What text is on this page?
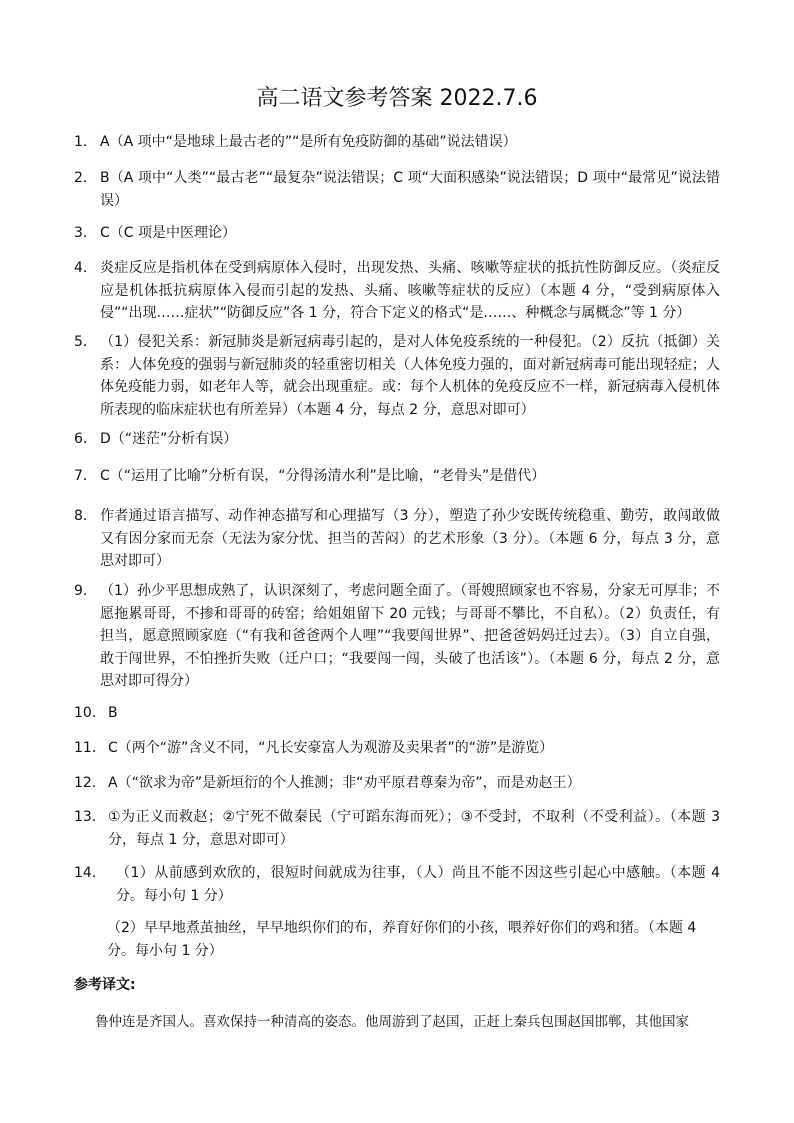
高二语文参考答案 2022.7.6
1． A（A 项中“是地球上最古老的”“是所有免疫防御的基础”说法错误）
2． B（A 项中“人类”“最古老”“最复杂”说法错误；C 项“大面积感染”说法错误；D 项中“最常见”说法错误）
3． C（C 项是中医理论）
4． 炎症反应是指机体在受到病原体入侵时，出现发热、头痛、咳嗽等症状的抵抗性防御反应。（炎症反应是机体抵抗病原体入侵而引起的发热、头痛、咳嗽等症状的反应）（本题 4 分，“受到病原体入侵”“出现……症状”“防御反应”各 1 分，符合下定义的格式“是……、种概念与属概念”等 1 分）
5． （1）侵犯关系：新冠肺炎是新冠病毒引起的，是对人体免疫系统的一种侵犯。（2）反抗（抵御）关系：人体免疫的强弱与新冠肺炎的轻重密切相关（人体免疫力强的，面对新冠病毒可能出现轻症；人体免疫能力弱，如老年人等，就会出现重症。或：每个人机体的免疫反应不一样，新冠病毒入侵机体所表现的临床症状也有所差异）（本题 4 分，每点 2 分，意思对即可）
6． D（“迷茫”分析有误）
7． C（“运用了比喻”分析有误，“分得汤清水利”是比喻，“老骨头”是借代）
8． 作者通过语言描写、动作神态描写和心理描写（3 分），塑造了孙少安既传统稳重、勤劳，敢闯敢做又有因分家而无奈（无法为家分忧、担当的苦闷）的艺术形象（3 分）。（本题 6 分，每点 3 分，意思对即可）
9． （1）孙少平思想成熟了，认识深刻了，考虑问题全面了。（哥嫂照顾家也不容易，分家无可厚非；不愿拖累哥哥，不掺和哥哥的砖窑；给姐姐留下 20 元钱；与哥哥不攀比，不自私）。（2）负责任，有担当，愿意照顾家庭（“有我和爸爸两个人哩”“我要闯世界”、把爸爸妈妈迁过去）。（3）自立自强，敢于闯世界，不怕挫折失败（迁户口；“我要闯一闯，头破了也活该”）。（本题 6 分，每点 2 分，意思对即可得分）
10． B
11． C（两个“游”含义不同，“凡长安豪富人为观游及卖果者”的“游”是游览）
12． A（“欲求为帝”是新垣衍的个人推测；非“劝平原君尊秦为帝”，而是劝赵王）
13． ①为正义而救赵；②宁死不做秦民（宁可蹈东海而死）；③不受封，不取利（不受利益）。（本题 3 分，每点 1 分，意思对即可）
14． （1）从前感到欢欣的，很短时间就成为往事，（人）尚且不能不因这些引起心中感触。（本题 4 分。每小句 1 分）
（2）早早地煮茧抽丝，早早地织你们的布，养育好你们的小孩，喂养好你们的鸡和猪。（本题 4 分。每小句 1 分）
参考译文:
鲁仲连是齐国人。喜欢保持一种清高的姿态。他周游到了赵国，正赶上秦兵包围赵国邯郸，其他国家
